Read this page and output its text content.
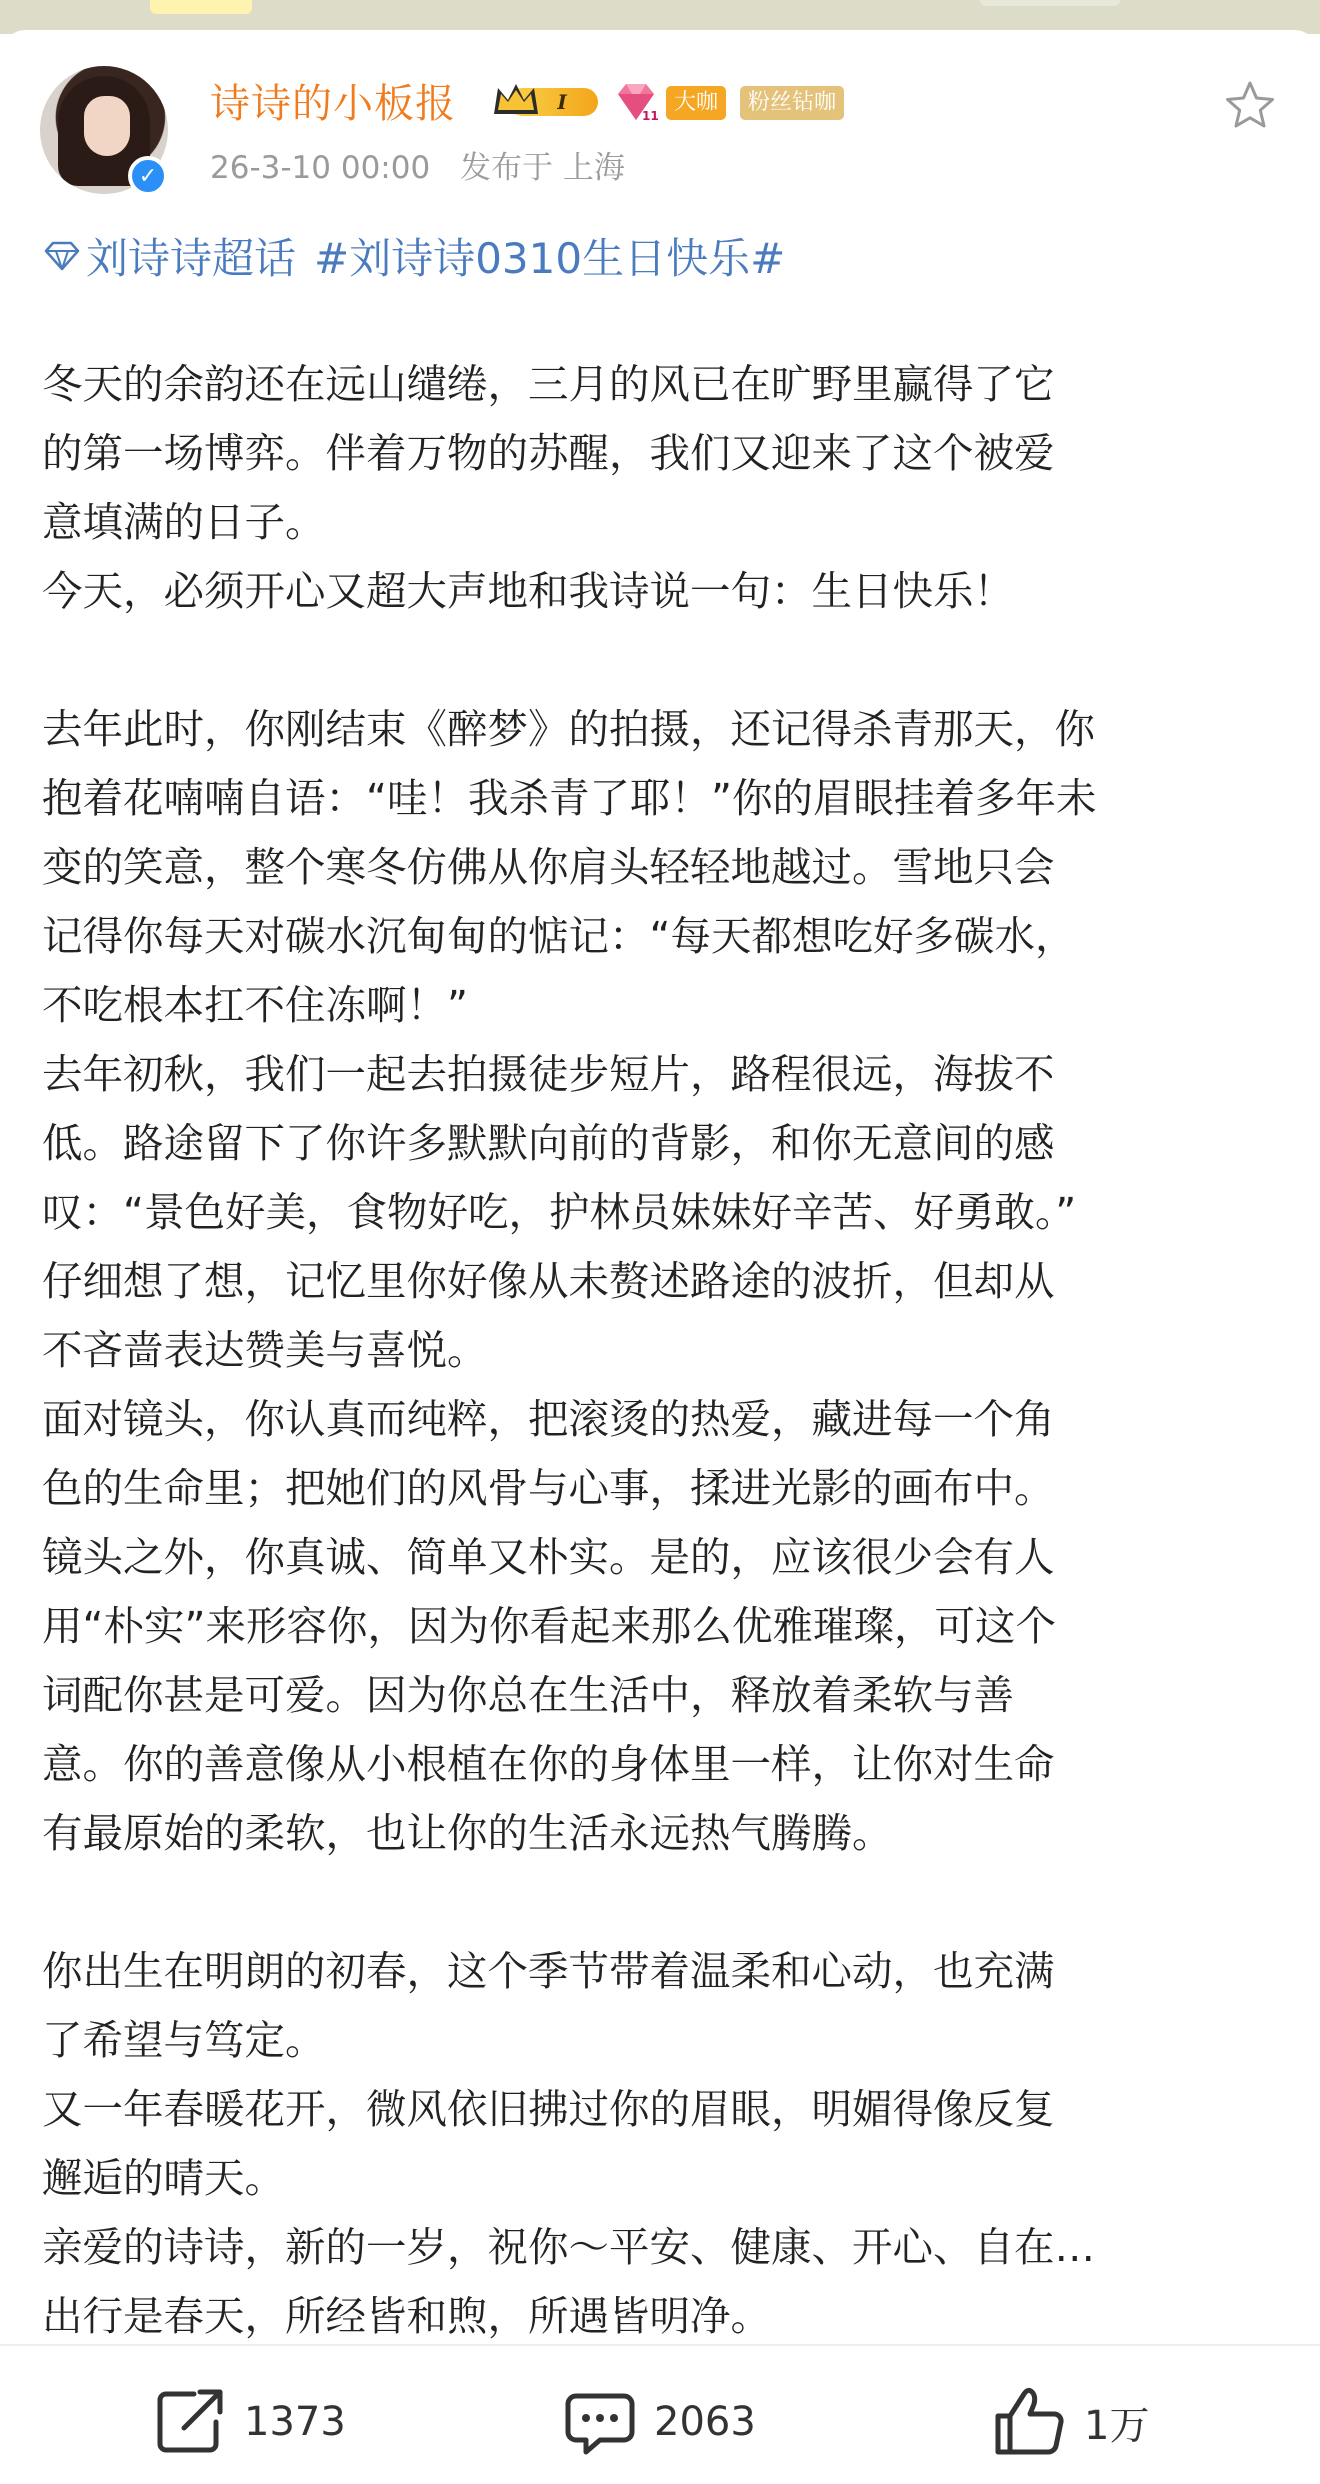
✓
诗诗的小板报	I
11
大咖	粉丝钻咖
26-3-10 00:00 发布于 上海
刘诗诗超话 #刘诗诗0310生日快乐#

冬天的余韵还在远山缱绻，三月的风已在旷野里赢得了它

的第一场博弈。伴着万物的苏醒，我们又迎来了这个被爱

意填满的日子。

今天，必须开心又超大声地和我诗说一句：生日快乐！

去年此时，你刚结束《醉梦》的拍摄，还记得杀青那天，你

抱着花喃喃自语：“哇！我杀青了耶！”你的眉眼挂着多年未

变的笑意，整个寒冬仿佛从你肩头轻轻地越过。雪地只会

记得你每天对碳水沉甸甸的惦记：“每天都想吃好多碳水，

不吃根本扛不住冻啊！”

去年初秋，我们一起去拍摄徒步短片，路程很远，海拔不

低。路途留下了你许多默默向前的背影，和你无意间的感

叹：“景色好美，食物好吃，护林员妹妹好辛苦、好勇敢。”

仔细想了想，记忆里你好像从未赘述路途的波折，但却从

不吝啬表达赞美与喜悦。

面对镜头，你认真而纯粹，把滚烫的热爱，藏进每一个角

色的生命里；把她们的风骨与心事，揉进光影的画布中。

镜头之外，你真诚、简单又朴实。是的，应该很少会有人

用“朴实”来形容你，因为你看起来那么优雅璀璨，可这个

词配你甚是可爱。因为你总在生活中，释放着柔软与善

意。你的善意像从小根植在你的身体里一样，让你对生命

有最原始的柔软，也让你的生活永远热气腾腾。

你出生在明朗的初春，这个季节带着温柔和心动，也充满

了希望与笃定。

又一年春暖花开，微风依旧拂过你的眉眼，明媚得像反复

邂逅的晴天。

亲爱的诗诗，新的一岁，祝你～平安、健康、开心、自在…

出行是春天，所经皆和煦，所遇皆明净。

1373	2063	1万
